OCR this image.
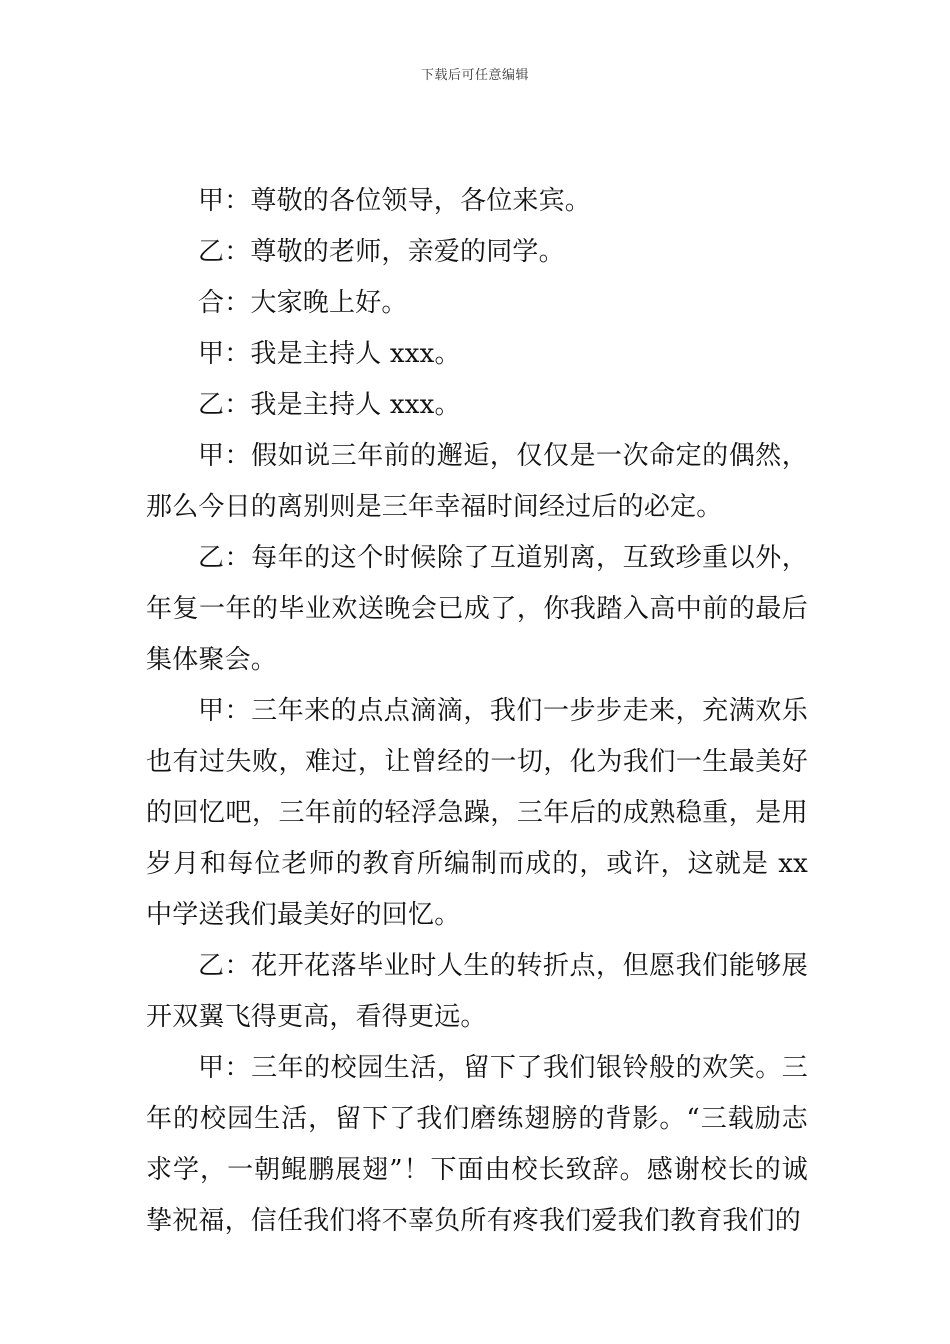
下载后可任意编辑

甲：尊敬的各位领导，各位来宾。

乙：尊敬的老师，亲爱的同学。

合：大家晚上好。

甲：我是主持人 xxx。

乙：我是主持人 xxx。

甲：假如说三年前的邂逅，仅仅是一次命定的偶然，那么今日的离别则是三年幸福时间经过后的必定。

乙：每年的这个时候除了互道别离，互致珍重以外，年复一年的毕业欢送晚会已成了，你我踏入高中前的最后集体聚会。

甲：三年来的点点滴滴，我们一步步走来，充满欢乐也有过失败，难过，让曾经的一切，化为我们一生最美好的回忆吧，三年前的轻浮急躁，三年后的成熟稳重，是用岁月和每位老师的教育所编制而成的，或许，这就是 xx 中学送我们最美好的回忆。

乙：花开花落毕业时人生的转折点，但愿我们能够展开双翼飞得更高，看得更远。

甲：三年的校园生活，留下了我们银铃般的欢笑。三年的校园生活，留下了我们磨练翅膀的背影。“三载励志求学，一朝鲲鹏展翅”！下面由校长致辞。感谢校长的诚挚祝福，信任我们将不辜负所有疼我们爱我们教育我们的
